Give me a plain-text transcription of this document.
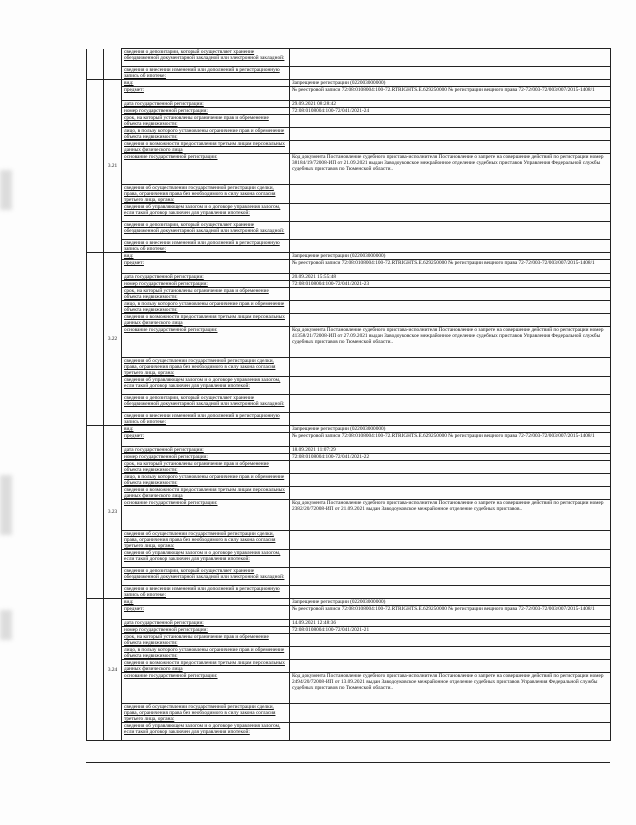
		сведения о депозитарии, который осуществляет хранение обездвиженной документарной закладной или электронной закладной:	
		сведения о внесении изменений или дополнений в регистрационную запись об ипотеке:	
	3.21	вид:	Запрещение регистрации (022003000000)
		предмет:	№ реестровой записи 72:08:0108004:100-72.RTRIGHTS.E.629250000 № регистрации вещного права 72-72/003-72/003/007/2015-1408/1
		дата государственной регистрации:	29.09.2021 08:28:42
		номер государственной регистрации:	72:08:0108004:100-72/041/2021-24
		срок, на который установлены ограничение прав и обременение объекта недвижимости:	
		лицо, в пользу которого установлены ограничение прав и обременение объекта недвижимости:	
		сведения о возможности предоставления третьим лицам персональных данных физического лица	
		основание государственной регистрации:	Код документа Постановление судебного пристава-исполнителя Постановление о запрете на совершение действий по регистрации номер 38184/19/72008-ИП от 21.09.2021 выдан Заводоуковское межрайонное отделение судебных приставов Управления Федеральной службы судебных приставов по Тюменской области..
		сведения об осуществлении государственной регистрации сделки, права, ограничения права без необходимого в силу закона согласия третьего лица, органа:	
		сведения об управляющем залогом и о договоре управления залогом, если такой договор заключен для управления ипотекой:	
		сведения о депозитарии, который осуществляет хранение обездвиженной документарной закладной или электронной закладной:	
		сведения о внесении изменений или дополнений в регистрационную запись об ипотеке:	
	3.22	вид:	Запрещение регистрации (022003000000)
		предмет:	№ реестровой записи 72:08:0108004:100-72.RTRIGHTS.E.629250000 № регистрации вещного права 72-72/003-72/003/007/2015-1408/1
		дата государственной регистрации:	20.09.2021 15:55:48
		номер государственной регистрации:	72:08:0108004:100-72/041/2021-23
		срок, на который установлены ограничение прав и обременение объекта недвижимости:	
		лицо, в пользу которого установлены ограничение прав и обременение объекта недвижимости:	
		сведения о возможности предоставления третьим лицам персональных данных физического лица	
		основание государственной регистрации:	Код документа Постановление судебного пристава-исполнителя Постановление о запрете на совершение действий по регистрации номер 41358/21/72008-ИП от 27.09.2021 выдан Заводоуковское межрайонное отделение судебных приставов Управления Федеральной службы судебных приставов по Тюменской области..
		сведения об осуществлении государственной регистрации сделки, права, ограничения права без необходимого в силу закона согласия третьего лица, органа:	
		сведения об управляющем залогом и о договоре управления залогом, если такой договор заключен для управления ипотекой:	
		сведения о депозитарии, который осуществляет хранение обездвиженной документарной закладной или электронной закладной:	
		сведения о внесении изменений или дополнений в регистрационную запись об ипотеке:	
	3.23	вид:	Запрещение регистрации (022003000000)
		предмет:	№ реестровой записи 72:08:0108004:100-72.RTRIGHTS.E.629250000 № регистрации вещного права 72-72/003-72/003/007/2015-1408/1
		дата государственной регистрации:	18.09.2021 11:07:29
		номер государственной регистрации:	72:08:0108004:100-72/041/2021-22
		срок, на который установлены ограничение прав и обременение объекта недвижимости:	
		лицо, в пользу которого установлены ограничение прав и обременение объекта недвижимости:	
		сведения о возможности предоставления третьим лицам персональных данных физического лица	
		основание государственной регистрации:	Код документа Постановление судебного пристава-исполнителя Постановление о запрете на совершение действий по регистрации номер 2382/20/72008-ИП от 21.09.2021 выдан Заводоуковское межрайонное отделение судебных приставов..
		сведения об осуществлении государственной регистрации сделки, права, ограничения права без необходимого в силу закона согласия третьего лица, органа:	
		сведения об управляющем залогом и о договоре управления залогом, если такой договор заключен для управления ипотекой:	
		сведения о депозитарии, который осуществляет хранение обездвиженной документарной закладной или электронной закладной:	
		сведения о внесении изменений или дополнений в регистрационную запись об ипотеке:	
	3.24	вид:	Запрещение регистрации (022003000000)
		предмет:	№ реестровой записи 72:08:0108004:100-72.RTRIGHTS.E.629250000 № регистрации вещного права 72-72/003-72/003/007/2015-1408/1
		дата государственной регистрации:	14.09.2021 12:48:36
		номер государственной регистрации:	72:08:0108004:100-72/041/2021-21
		срок, на который установлены ограничение прав и обременение объекта недвижимости:	
		лицо, в пользу которого установлены ограничение прав и обременение объекта недвижимости:	
		сведения о возможности предоставления третьим лицам персональных данных физического лица	
		основание государственной регистрации:	Код документа Постановление судебного пристава-исполнителя Постановление о запрете на совершение действий по регистрации номер 2494/20/72008-ИП от 13.09.2021 выдан Заводоуковское межрайонное отделение судебных приставов Управления Федеральной службы судебных приставов по Тюменской области..
		сведения об осуществлении государственной регистрации сделки, права, ограничения права без необходимого в силу закона согласия третьего лица, органа:	
		сведения об управляющем залогом и о договоре управления залогом, если такой договор заключен для управления ипотекой:	
